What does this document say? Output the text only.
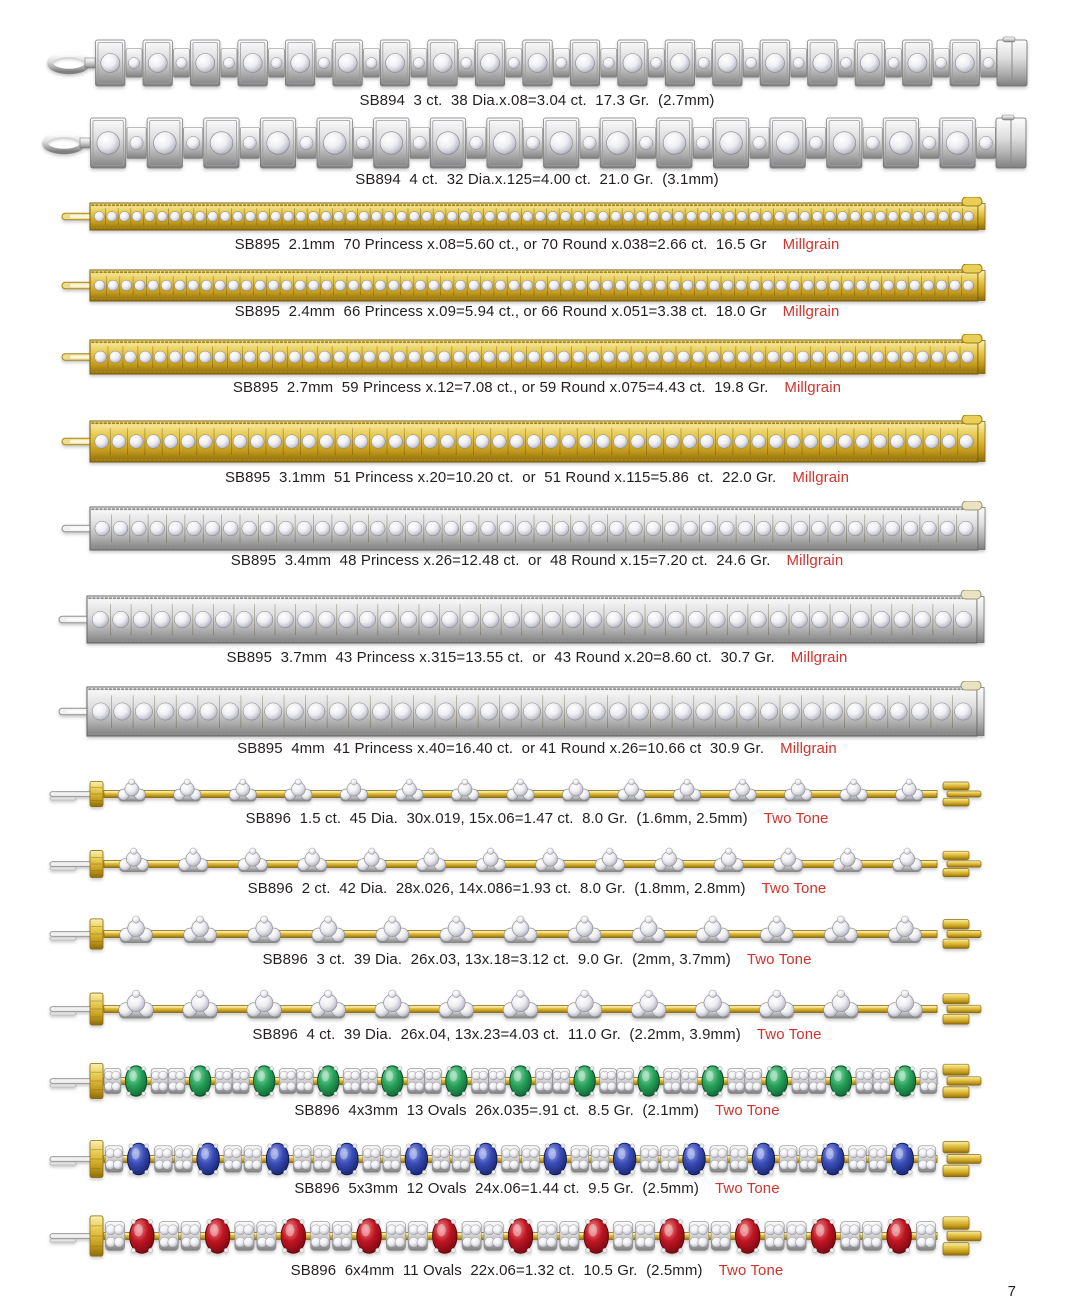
SB894  3 ct.  38 Dia.x.08=3.04 ct.  17.3 Gr.  (2.7mm)
SB894  4 ct.  32 Dia.x.125=4.00 ct.  21.0 Gr.  (3.1mm)
SB895  2.1mm  70 Princess x.08=5.60 ct., or 70 Round x.038=2.66 ct.  16.5 Gr Millgrain
SB895  2.4mm  66 Princess x.09=5.94 ct., or 66 Round x.051=3.38 ct.  18.0 Gr Millgrain
SB895  2.7mm  59 Princess x.12=7.08 ct., or 59 Round x.075=4.43 ct.  19.8 Gr. Millgrain
SB895  3.1mm  51 Princess x.20=10.20 ct.  or  51 Round x.115=5.86  ct.  22.0 Gr. Millgrain
SB895  3.4mm  48 Princess x.26=12.48 ct.  or  48 Round x.15=7.20 ct.  24.6 Gr. Millgrain
SB895  3.7mm  43 Princess x.315=13.55 ct.  or  43 Round x.20=8.60 ct.  30.7 Gr. Millgrain
SB895  4mm  41 Princess x.40=16.40 ct.  or 41 Round x.26=10.66 ct  30.9 Gr. Millgrain
SB896  1.5 ct.  45 Dia.  30x.019, 15x.06=1.47 ct.  8.0 Gr.  (1.6mm, 2.5mm) Two Tone
SB896  2 ct.  42 Dia.  28x.026, 14x.086=1.93 ct.  8.0 Gr.  (1.8mm, 2.8mm) Two Tone
SB896  3 ct.  39 Dia.  26x.03, 13x.18=3.12 ct.  9.0 Gr.  (2mm, 3.7mm) Two Tone
SB896  4 ct.  39 Dia.  26x.04, 13x.23=4.03 ct.  11.0 Gr.  (2.2mm, 3.9mm) Two Tone
SB896  4x3mm  13 Ovals  26x.035=.91 ct.  8.5 Gr.  (2.1mm) Two Tone
SB896  5x3mm  12 Ovals  24x.06=1.44 ct.  9.5 Gr.  (2.5mm) Two Tone
SB896  6x4mm  11 Ovals  22x.06=1.32 ct.  10.5 Gr.  (2.5mm) Two Tone
7
